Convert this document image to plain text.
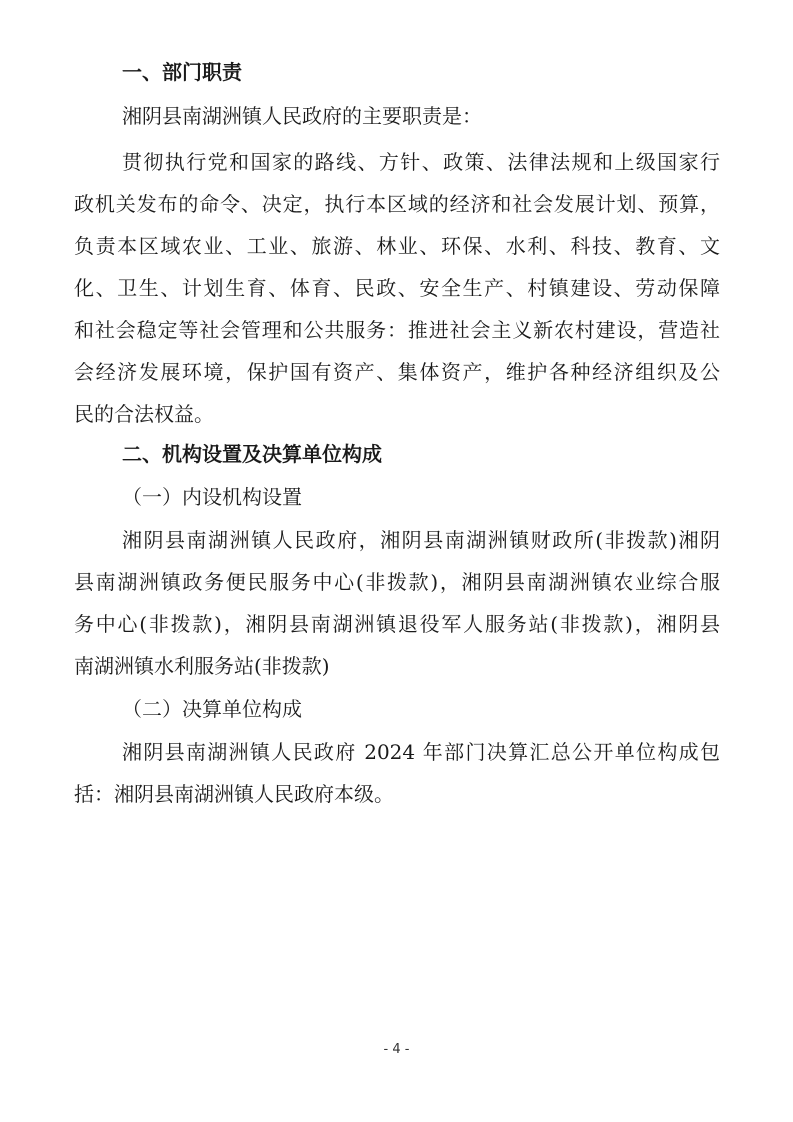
一、部门职责
湘阴县南湖洲镇人民政府的主要职责是：
贯彻执行党和国家的路线、方针、政策、法律法规和上级国家行
政机关发布的命令、决定，执行本区域的经济和社会发展计划、预算，
负责本区域农业、工业、旅游、林业、环保、水利、科技、教育、文
化、卫生、计划生育、体育、民政、安全生产、村镇建设、劳动保障
和社会稳定等社会管理和公共服务：推进社会主义新农村建设，营造社
会经济发展环境，保护国有资产、集体资产，维护各种经济组织及公
民的合法权益。
二、机构设置及决算单位构成
（一）内设机构设置
湘阴县南湖洲镇人民政府，湘阴县南湖洲镇财政所(非拨款)湘阴
县南湖洲镇政务便民服务中心(非拨款)，湘阴县南湖洲镇农业综合服
务中心(非拨款)，湘阴县南湖洲镇退役军人服务站(非拨款)，湘阴县
南湖洲镇水利服务站(非拨款)
（二）决算单位构成
湘阴县南湖洲镇人民政府 2024 年部门决算汇总公开单位构成包
括：湘阴县南湖洲镇人民政府本级。
- 4 -
